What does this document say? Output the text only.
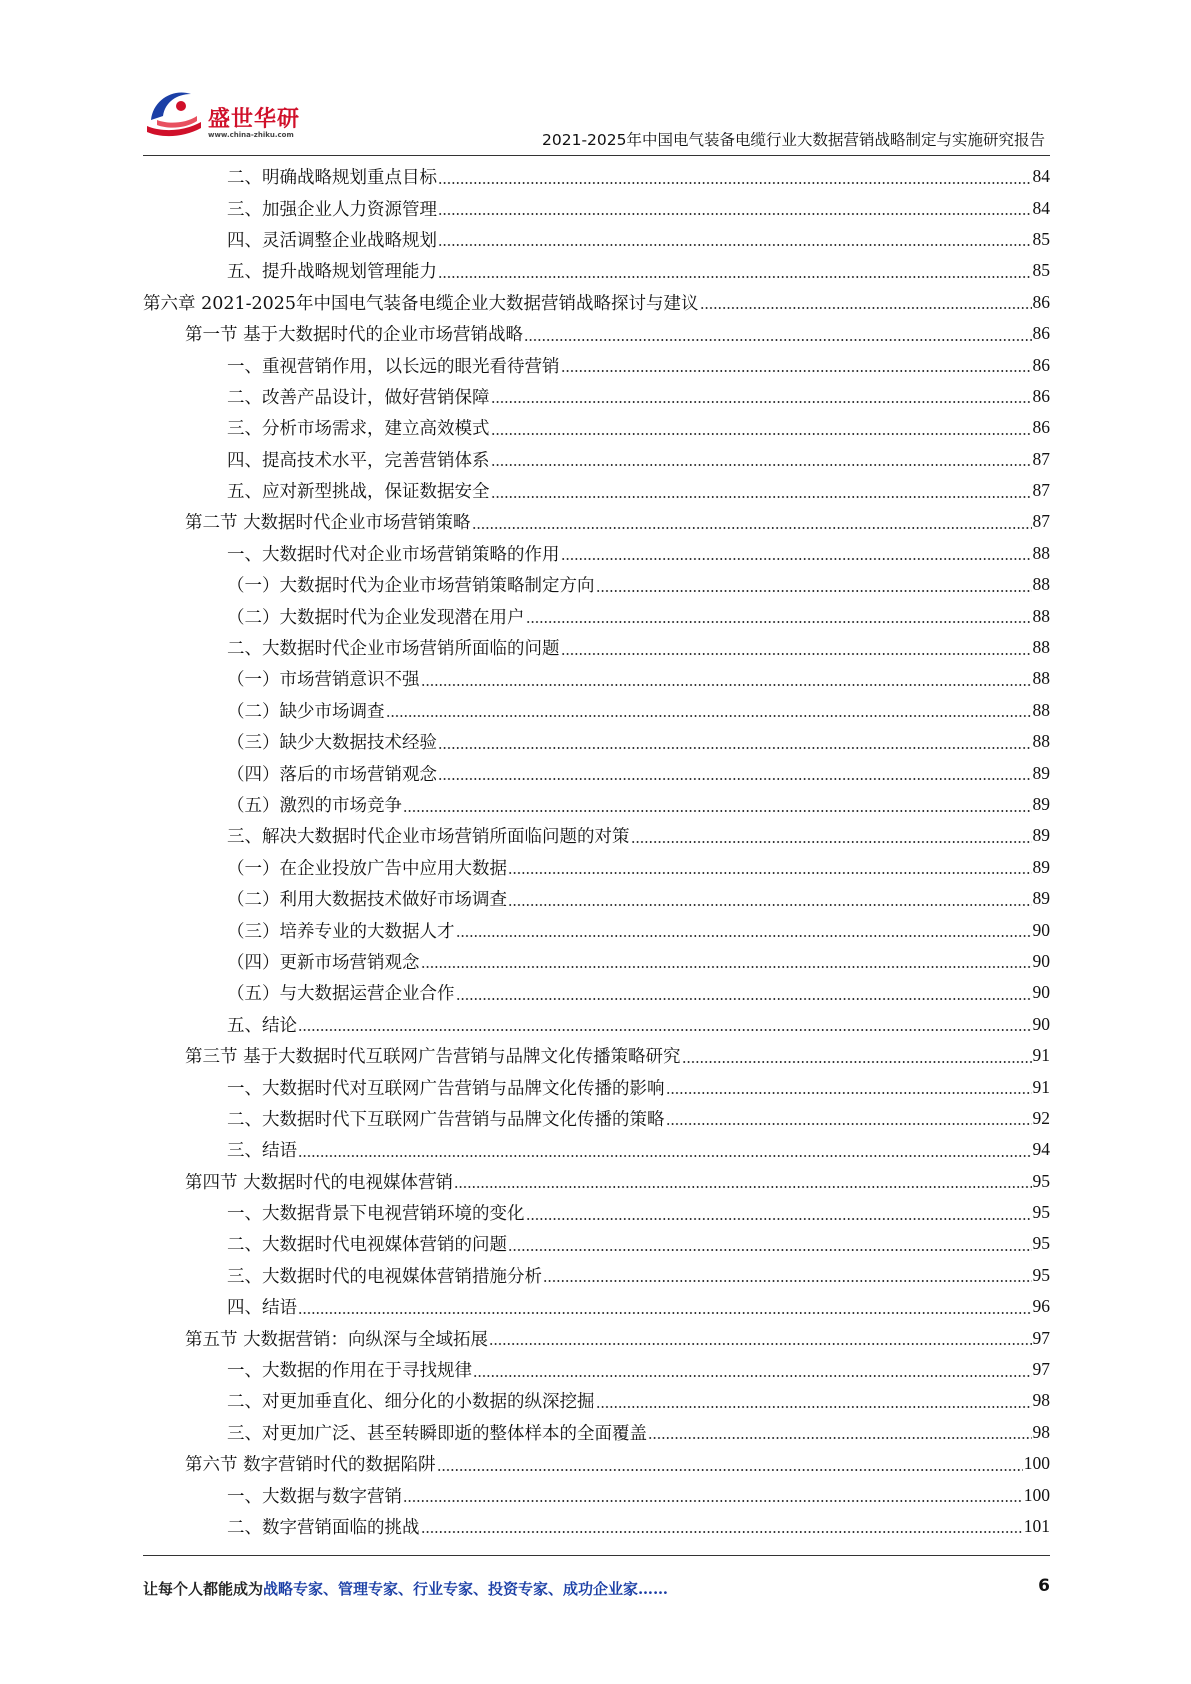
盛世华研
www.china-zhiku.com	2021-2025年中国电气装备电缆行业大数据营销战略制定与实施研究报告
二、明确战略规划重点目标	84
三、加强企业人力资源管理	84
四、灵活调整企业战略规划	85
五、提升战略规划管理能力	85
第六章 2021-2025年中国电气装备电缆企业大数据营销战略探讨与建议	86
第一节 基于大数据时代的企业市场营销战略	86
一、重视营销作用，以长远的眼光看待营销	86
二、改善产品设计，做好营销保障	86
三、分析市场需求，建立高效模式	86
四、提高技术水平，完善营销体系	87
五、应对新型挑战，保证数据安全	87
第二节 大数据时代企业市场营销策略	87
一、大数据时代对企业市场营销策略的作用	88
（一）大数据时代为企业市场营销策略制定方向	88
（二）大数据时代为企业发现潜在用户	88
二、大数据时代企业市场营销所面临的问题	88
（一）市场营销意识不强	88
（二）缺少市场调查	88
（三）缺少大数据技术经验	88
（四）落后的市场营销观念	89
（五）激烈的市场竞争	89
三、解决大数据时代企业市场营销所面临问题的对策	89
（一）在企业投放广告中应用大数据	89
（二）利用大数据技术做好市场调查	89
（三）培养专业的大数据人才	90
（四）更新市场营销观念	90
（五）与大数据运营企业合作	90
五、结论	90
第三节 基于大数据时代互联网广告营销与品牌文化传播策略研究	91
一、大数据时代对互联网广告营销与品牌文化传播的影响	91
二、大数据时代下互联网广告营销与品牌文化传播的策略	92
三、结语	94
第四节 大数据时代的电视媒体营销	95
一、大数据背景下电视营销环境的变化	95
二、大数据时代电视媒体营销的问题	95
三、大数据时代的电视媒体营销措施分析	95
四、结语	96
第五节 大数据营销：向纵深与全域拓展	97
一、大数据的作用在于寻找规律	97
二、对更加垂直化、细分化的小数据的纵深挖掘	98
三、对更加广泛、甚至转瞬即逝的整体样本的全面覆盖	98
第六节 数字营销时代的数据陷阱	100
一、大数据与数字营销	100
二、数字营销面临的挑战	101
让每个人都能成为战略专家、管理专家、行业专家、投资专家、成功企业家……	6
